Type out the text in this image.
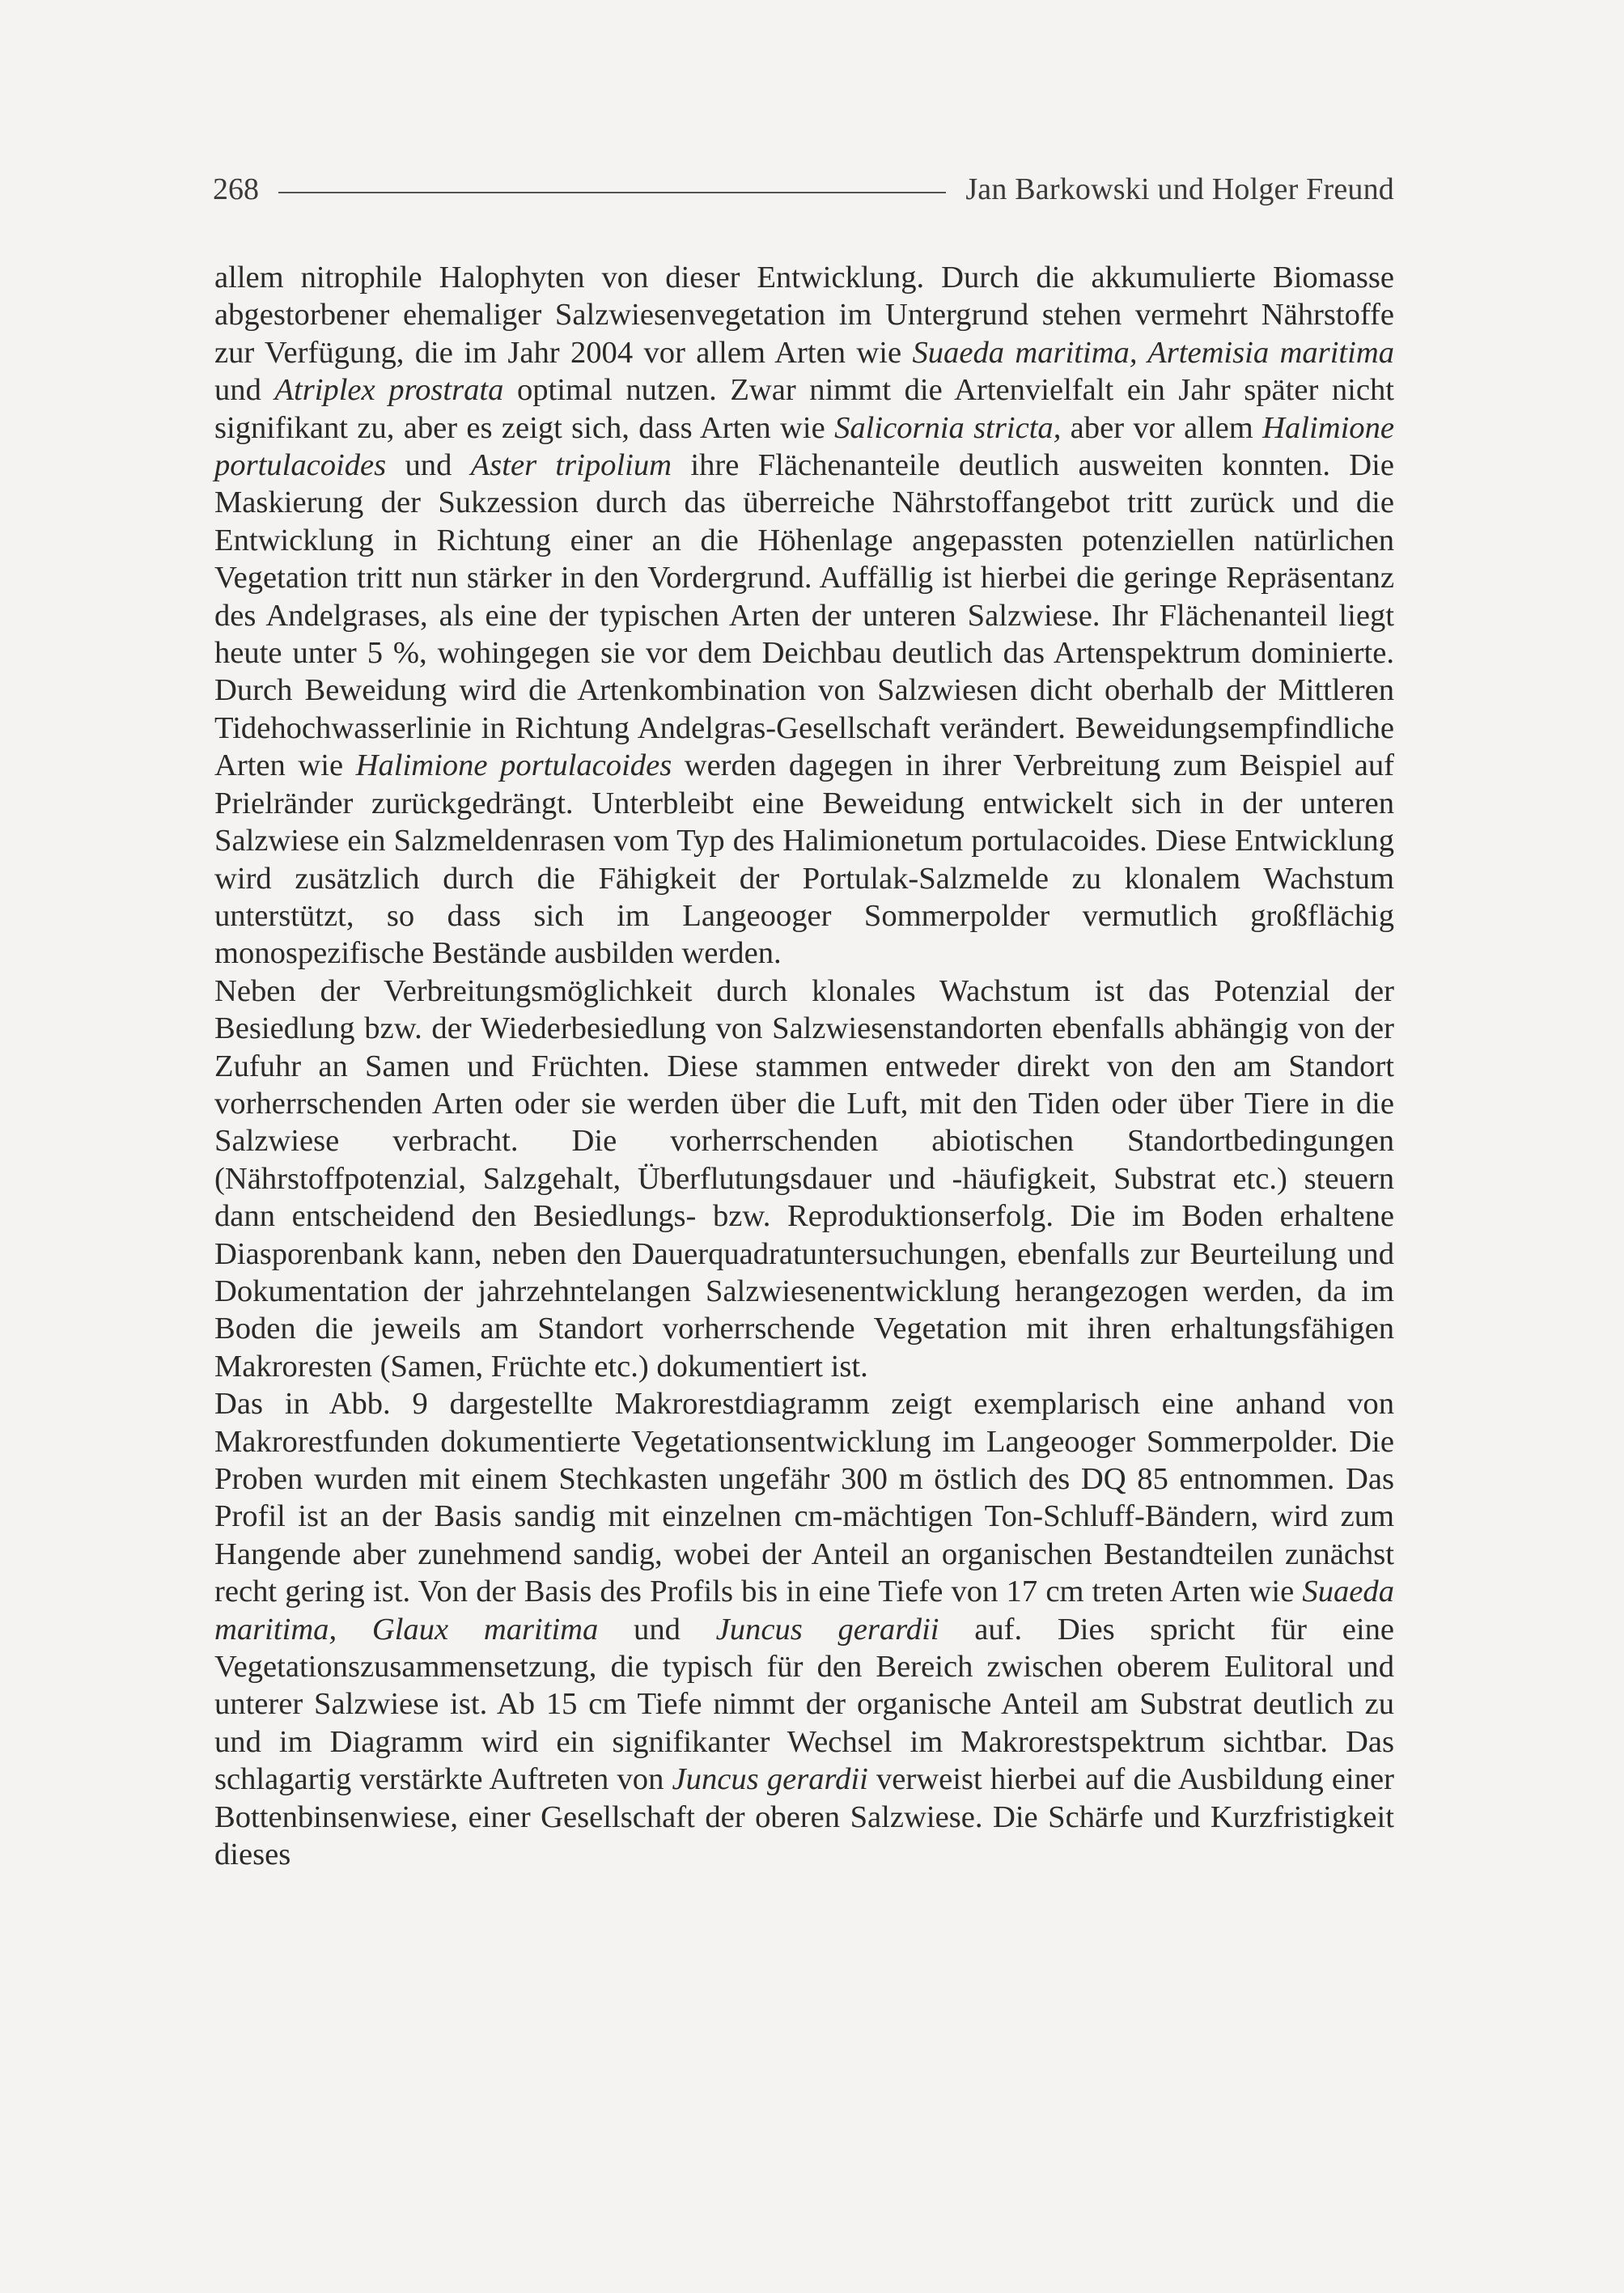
268	Jan Barkowski und Holger Freund

allem nitrophile Halophyten von dieser Entwicklung. Durch die akkumulierte Biomasse abgestorbener ehemaliger Salzwiesenvegetation im Untergrund stehen vermehrt Nährstoffe zur Verfügung, die im Jahr 2004 vor allem Arten wie Suaeda maritima, Artemisia maritima und Atriplex prostrata optimal nutzen. Zwar nimmt die Artenvielfalt ein Jahr später nicht signifikant zu, aber es zeigt sich, dass Arten wie Salicornia stricta, aber vor allem Halimione portulacoides und Aster tripolium ihre Flächenanteile deutlich ausweiten konnten. Die Maskierung der Sukzession durch das überreiche Nährstoffangebot tritt zurück und die Entwicklung in Richtung einer an die Höhenlage angepassten potenziellen natürlichen Vegetation tritt nun stärker in den Vordergrund. Auffällig ist hierbei die geringe Repräsentanz des Andelgrases, als eine der typischen Arten der unteren Salzwiese. Ihr Flächenanteil liegt heute unter 5 %, wohingegen sie vor dem Deichbau deutlich das Artenspektrum dominierte. Durch Beweidung wird die Artenkombination von Salzwiesen dicht oberhalb der Mittleren Tidehochwasserlinie in Richtung Andelgras-Gesellschaft verändert. Beweidungsempfindliche Arten wie Halimione portulacoides werden dagegen in ihrer Verbreitung zum Beispiel auf Prielränder zurückgedrängt. Unterbleibt eine Beweidung entwickelt sich in der unteren Salzwiese ein Salzmeldenrasen vom Typ des Halimionetum portulacoides. Diese Entwicklung wird zusätzlich durch die Fähigkeit der Portulak-Salzmelde zu klonalem Wachstum unterstützt, so dass sich im Langeooger Sommerpolder vermutlich großflächig monospezifische Bestände ausbilden werden.

Neben der Verbreitungsmöglichkeit durch klonales Wachstum ist das Potenzial der Besiedlung bzw. der Wiederbesiedlung von Salzwiesenstandorten ebenfalls abhängig von der Zufuhr an Samen und Früchten. Diese stammen entweder direkt von den am Standort vorherrschenden Arten oder sie werden über die Luft, mit den Tiden oder über Tiere in die Salzwiese verbracht. Die vorherrschenden abiotischen Standortbedingungen (Nährstoffpotenzial, Salzgehalt, Überflutungsdauer und -häufigkeit, Substrat etc.) steuern dann entscheidend den Besiedlungs- bzw. Reproduktionserfolg. Die im Boden erhaltene Diasporenbank kann, neben den Dauerquadratuntersuchungen, ebenfalls zur Beurteilung und Dokumentation der jahrzehntelangen Salzwiesenentwicklung herangezogen werden, da im Boden die jeweils am Standort vorherrschende Vegetation mit ihren erhaltungsfähigen Makroresten (Samen, Früchte etc.) dokumentiert ist.

Das in Abb. 9 dargestellte Makrorestdiagramm zeigt exemplarisch eine anhand von Makrorestfunden dokumentierte Vegetationsentwicklung im Langeooger Sommerpolder. Die Proben wurden mit einem Stechkasten ungefähr 300 m östlich des DQ 85 entnommen. Das Profil ist an der Basis sandig mit einzelnen cm-mächtigen Ton-Schluff-Bändern, wird zum Hangende aber zunehmend sandig, wobei der Anteil an organischen Bestandteilen zunächst recht gering ist. Von der Basis des Profils bis in eine Tiefe von 17 cm treten Arten wie Suaeda maritima, Glaux maritima und Juncus gerardii auf. Dies spricht für eine Vegetationszusammensetzung, die typisch für den Bereich zwischen oberem Eulitoral und unterer Salzwiese ist. Ab 15 cm Tiefe nimmt der organische Anteil am Substrat deutlich zu und im Diagramm wird ein signifikanter Wechsel im Makrorestspektrum sichtbar. Das schlagartig verstärkte Auftreten von Juncus gerardii verweist hierbei auf die Ausbildung einer Bottenbinsenwiese, einer Gesellschaft der oberen Salzwiese. Die Schärfe und Kurzfristigkeit dieses
